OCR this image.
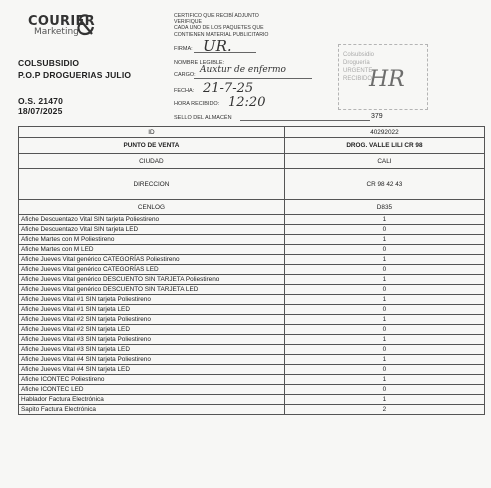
COURIER
Marketing
COLSUBSIDIO
P.O.P DROGUERIAS JULIO
O.S. 21470
18/07/2025
CERTIFICO QUE RECIBÍ ADJUNTO
VERIFIQUE
CADA UNO DE LOS PAQUETES QUE
CONTIENEN MATERIAL PUBLICITARIO
FIRMA: UR.
NOMBRE LEGIBLE:
CARGO: Auxtur de enfermo
FECHA: 21-7-25
HORA RECIBIDO: 12:20
SELLO DEL ALMACÉN	379
Colsubsidio
Droguería
URGENTE
RECIBIDO
HR
ID	40292022
PUNTO DE VENTA	DROG. VALLE LILI CR 98
CIUDAD	CALI
DIRECCION	CR 98 42 43
CENLOG	D835
Afiche Descuentazo Vital SIN tarjeta Poliestireno	1
Afiche Descuentazo Vital SIN tarjeta LED	0
Afiche Martes con M Poliestireno	1
Afiche Martes con M LED	0
Afiche Jueves Vital genérico CATEGORÍAS Poliestireno	1
Afiche Jueves Vital genérico CATEGORÍAS LED	0
Afiche Jueves Vital genérico DESCUENTO SIN TARJETA Poliestireno	1
Afiche Jueves Vital genérico DESCUENTO SIN TARJETA LED	0
Afiche Jueves Vital #1 SIN tarjeta Poliestireno	1
Afiche Jueves Vital #1 SIN tarjeta LED	0
Afiche Jueves Vital #2 SIN tarjeta Poliestireno	1
Afiche Jueves Vital #2 SIN tarjeta LED	0
Afiche Jueves Vital #3 SIN tarjeta Poliestireno	1
Afiche Jueves Vital #3 SIN tarjeta LED	0
Afiche Jueves Vital #4 SIN tarjeta Poliestireno	1
Afiche Jueves Vital #4 SIN tarjeta LED	0
Afiche ICONTEC Poliestireno	1
Afiche ICONTEC LED	0
Hablador Factura Electrónica	1
Sapito Factura Electrónica	2
